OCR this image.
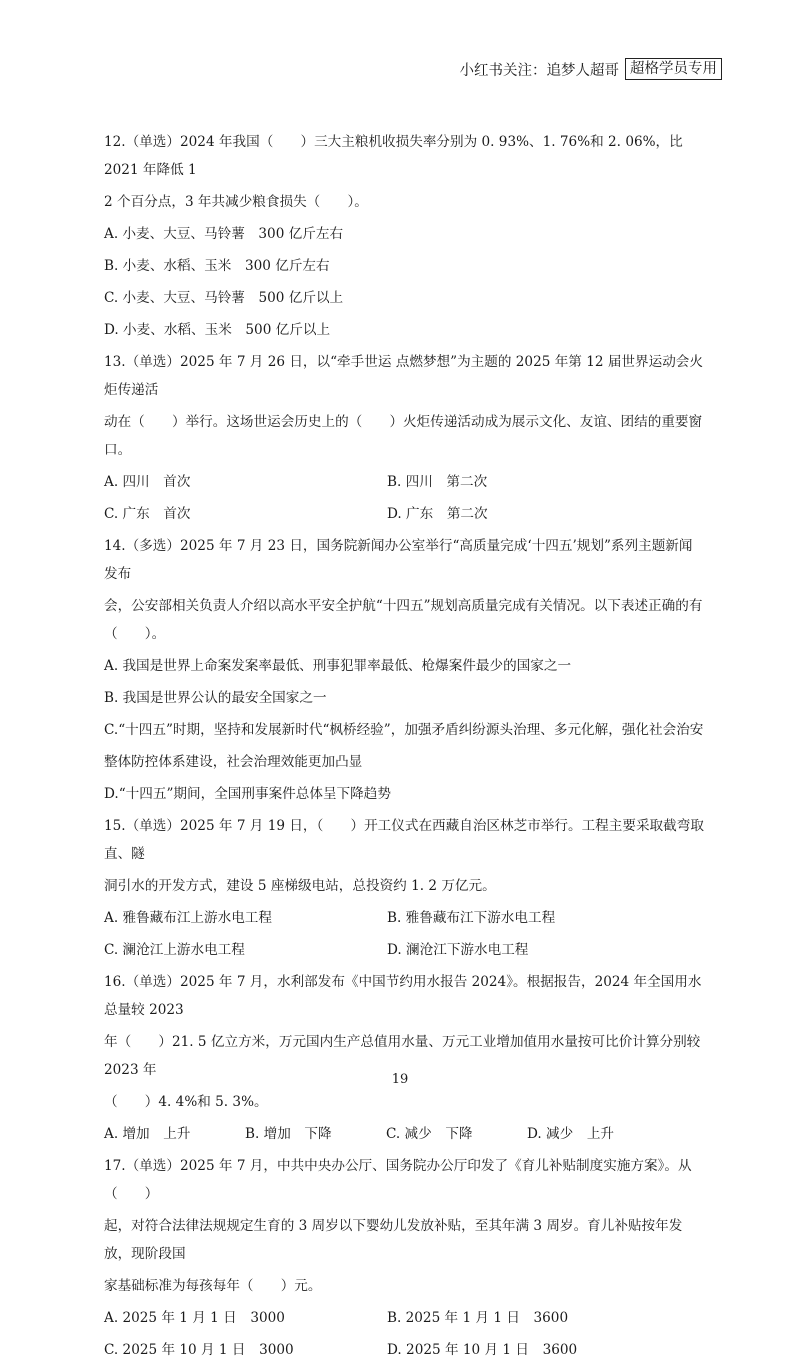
小红书关注：追梦人超哥 超格学员专用

12.（单选）2024 年我国（　　）三大主粮机收损失率分别为 0. 93%、1. 76%和 2. 06%，比 2021 年降低 1

2 个百分点，3 年共减少粮食损失（　　）。

A. 小麦、大豆、马铃薯　300 亿斤左右

B. 小麦、水稻、玉米　300 亿斤左右

C. 小麦、大豆、马铃薯　500 亿斤以上

D. 小麦、水稻、玉米　500 亿斤以上

13.（单选）2025 年 7 月 26 日，以“牵手世运 点燃梦想”为主题的 2025 年第 12 届世界运动会火炬传递活

动在（　　）举行。这场世运会历史上的（　　）火炬传递活动成为展示文化、友谊、团结的重要窗口。

A. 四川　首次	B. 四川　第二次

C. 广东　首次	D. 广东　第二次

14.（多选）2025 年 7 月 23 日，国务院新闻办公室举行“高质量完成‘十四五’规划”系列主题新闻发布

会，公安部相关负责人介绍以高水平安全护航“十四五”规划高质量完成有关情况。以下表述正确的有（　　）。

A. 我国是世界上命案发案率最低、刑事犯罪率最低、枪爆案件最少的国家之一

B. 我国是世界公认的最安全国家之一

C.“十四五”时期，坚持和发展新时代“枫桥经验”，加强矛盾纠纷源头治理、多元化解，强化社会治安

整体防控体系建设，社会治理效能更加凸显

D.“十四五”期间，全国刑事案件总体呈下降趋势

15.（单选）2025 年 7 月 19 日，（　　）开工仪式在西藏自治区林芝市举行。工程主要采取截弯取直、隧

洞引水的开发方式，建设 5 座梯级电站，总投资约 1. 2 万亿元。

A. 雅鲁藏布江上游水电工程	B. 雅鲁藏布江下游水电工程

C. 澜沧江上游水电工程	D. 澜沧江下游水电工程

16.（单选）2025 年 7 月，水利部发布《中国节约用水报告 2024》。根据报告，2024 年全国用水总量较 2023

年（　　）21. 5 亿立方米，万元国内生产总值用水量、万元工业增加值用水量按可比价计算分别较 2023 年

（　　）4. 4%和 5. 3%。

A. 增加　上升	B. 增加　下降	C. 减少　下降	D. 减少　上升

17.（单选）2025 年 7 月，中共中央办公厅、国务院办公厅印发了《育儿补贴制度实施方案》。从（　　）

起，对符合法律法规规定生育的 3 周岁以下婴幼儿发放补贴，至其年满 3 周岁。育儿补贴按年发放，现阶段国

家基础标准为每孩每年（　　）元。

A. 2025 年 1 月 1 日　3000	B. 2025 年 1 月 1 日　3600

C. 2025 年 10 月 1 日　3000	D. 2025 年 10 月 1 日　3600

19
